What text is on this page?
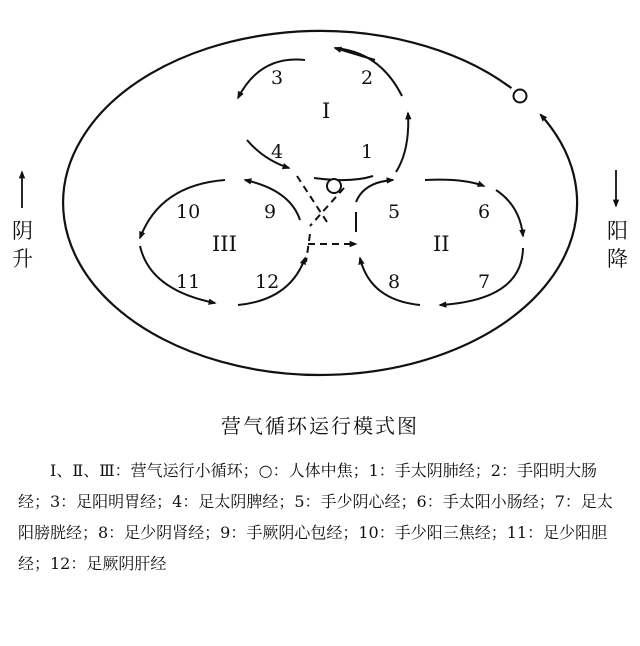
阴
升
阳
降
I
II
III
3	2
4	1
5	6
8	7
10	9
11	12
营气循环运行模式图
Ⅰ、Ⅱ、Ⅲ：营气运行小循环；○：人体中焦；1：手太阴肺经；2：手阳明大肠经；3：足阳明胃经；4：足太阴脾经；5：手少阴心经；6：手太阳小肠经；7：足太阳膀胱经；8：足少阴肾经；9：手厥阴心包经；10：手少阳三焦经；11：足少阳胆经；12：足厥阴肝经
